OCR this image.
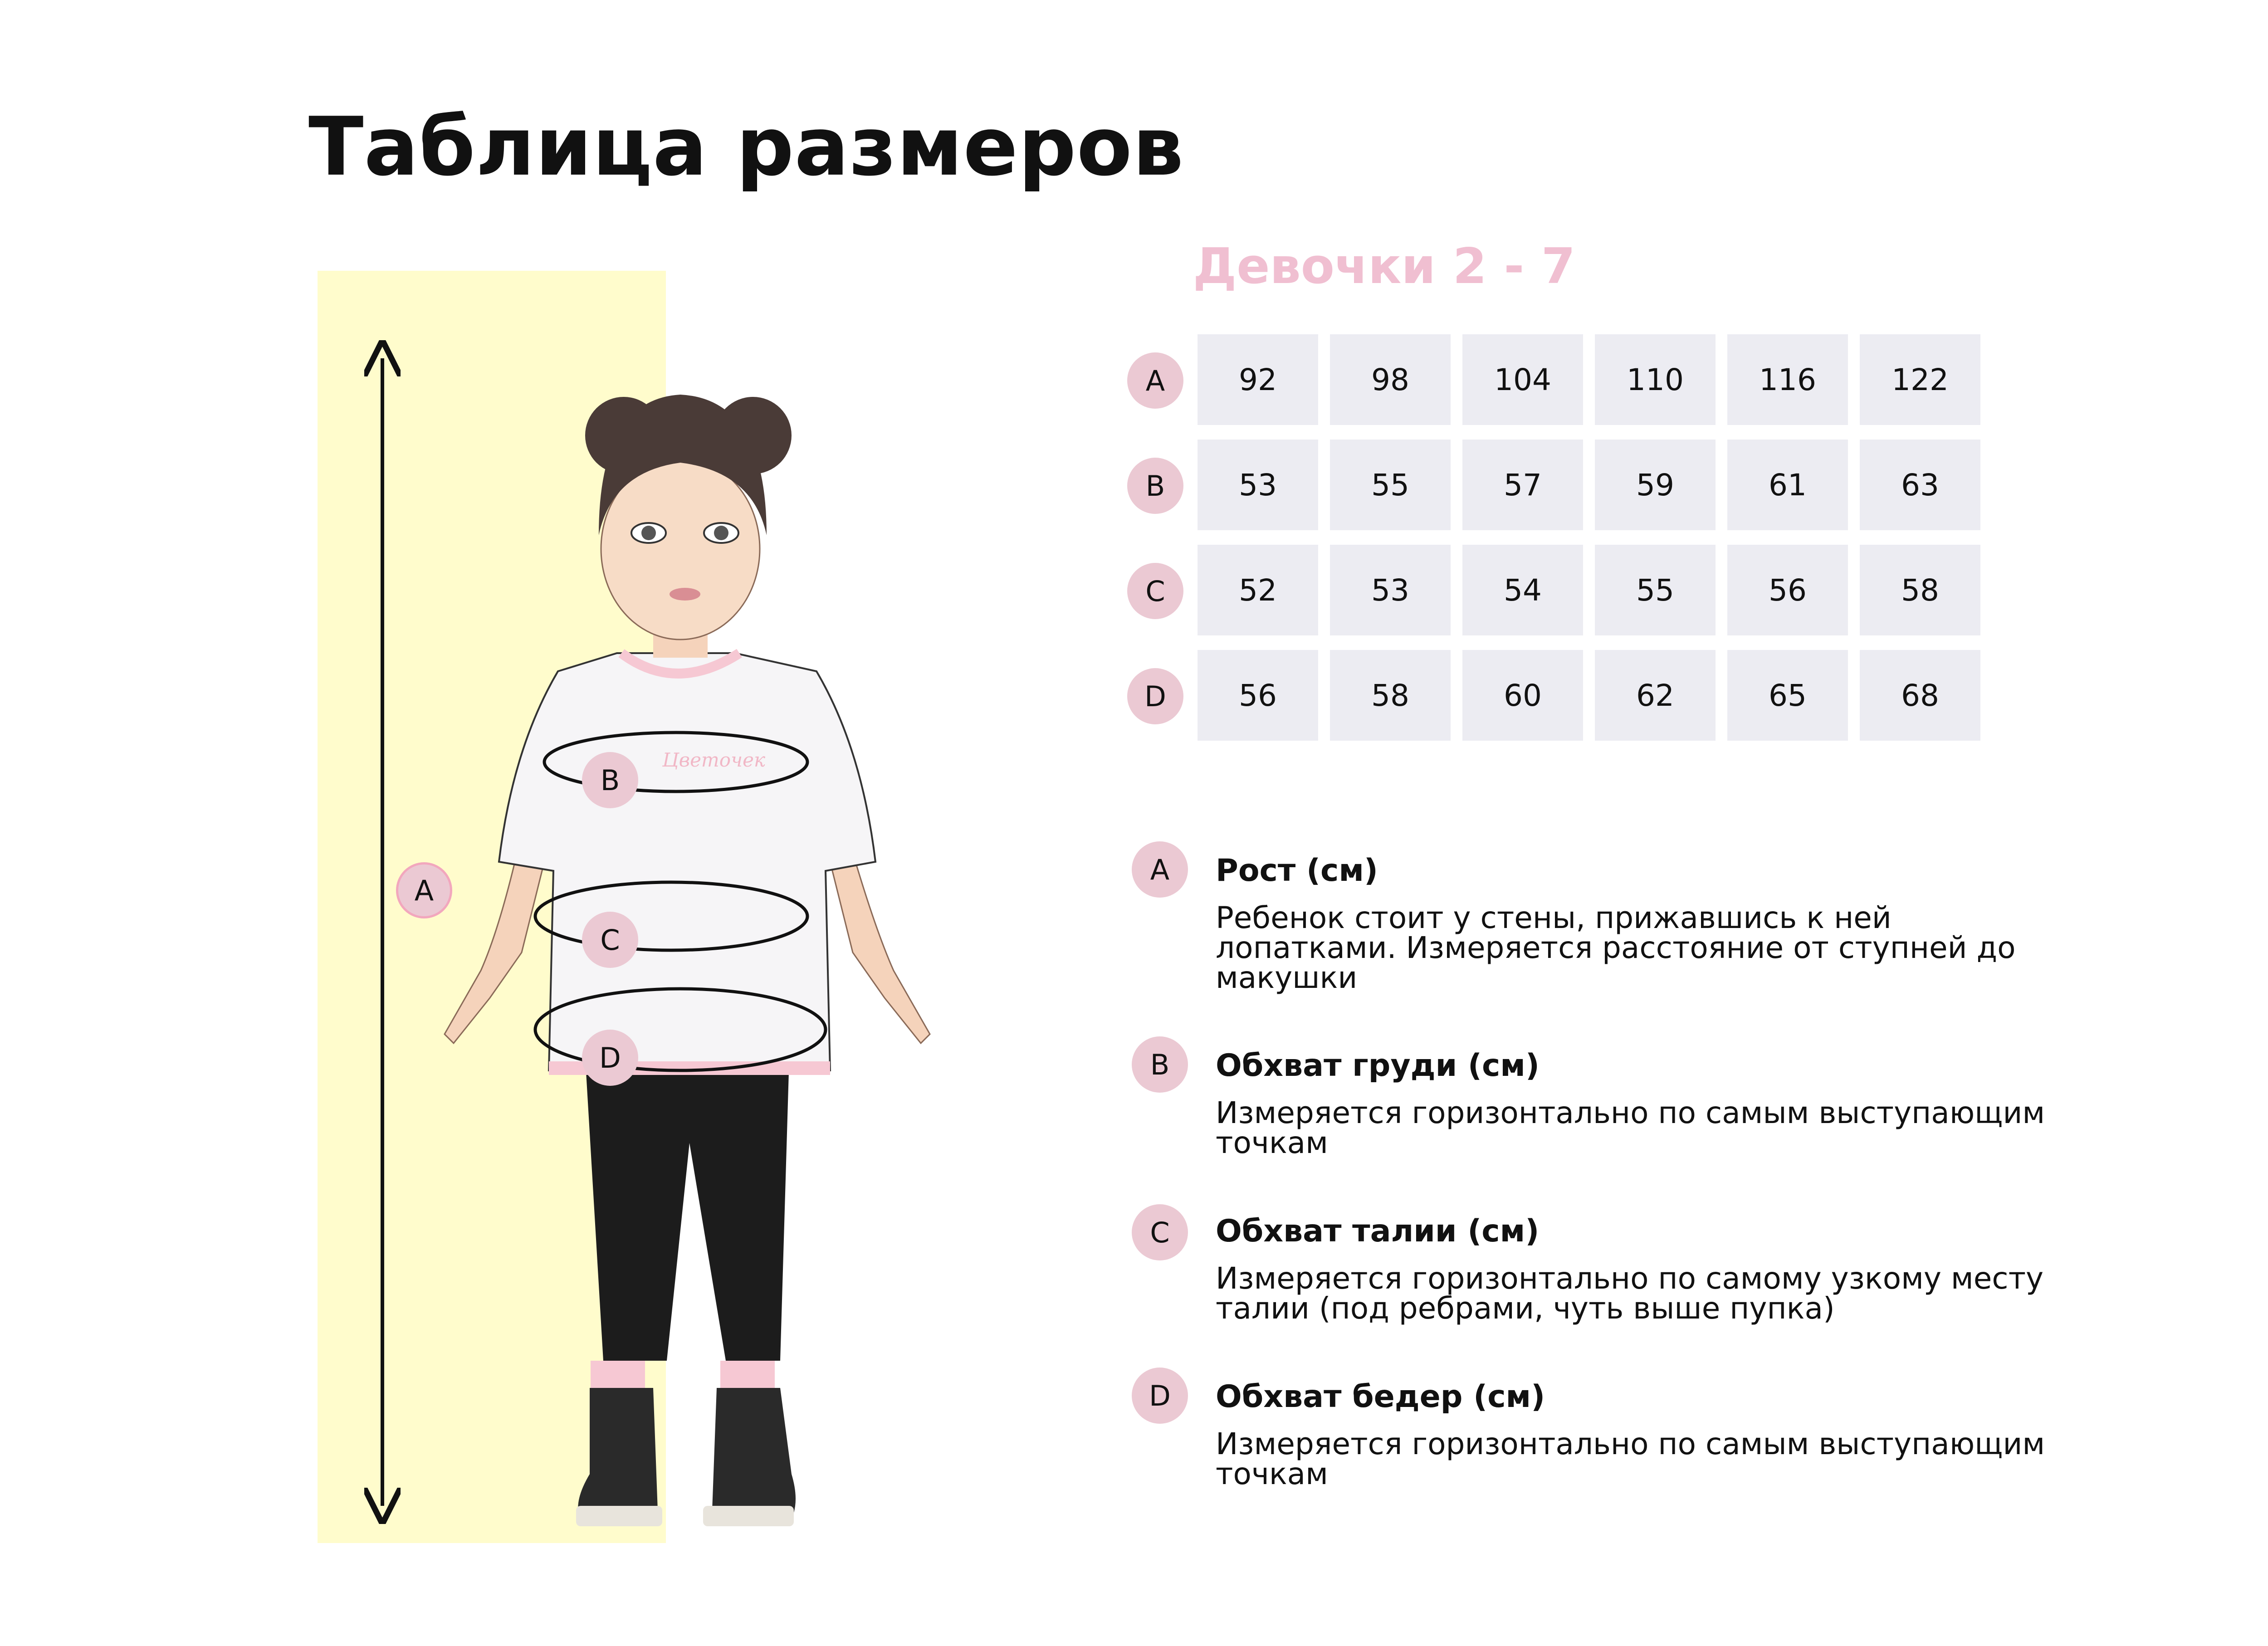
Таблица размеров
Девочки 2 - 7
Цветочек
A
B
C
D
A	92	98	104	110	116	122
B	53	55	57	59	61	63
C	52	53	54	55	56	58
D	56	58	60	62	65	68
A	Рост (см)

Ребенок стоит у стены, прижавшись к ней лопатками. Измеряется расстояние от ступней до макушки

B	Обхват груди (см)

Измеряется горизонтально по самым выступающим точкам

C	Обхват талии (см)

Измеряется горизонтально по самому узкому месту талии (под ребрами, чуть выше пупка)

D	Обхват бедер (см)

Измеряется горизонтально по самым выступающим точкам
